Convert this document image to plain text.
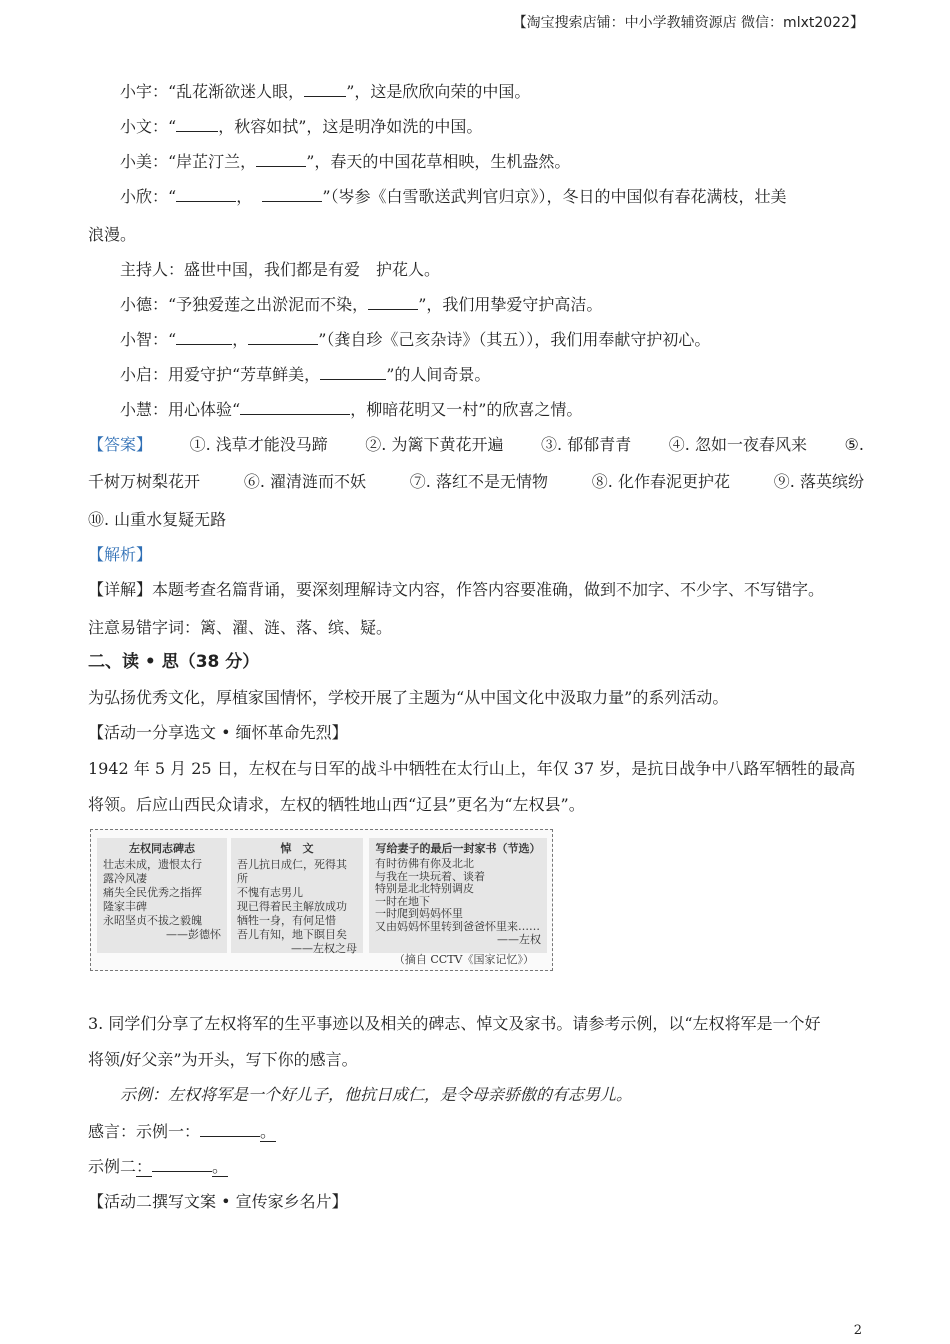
【淘宝搜索店铺：中小学教辅资源店 微信：mlxt2022】
小宇：“乱花渐欲迷人眼，	”，这是欣欣向荣的中国。
小文：“	，秋容如拭”，这是明净如洗的中国。
小美：“岸芷汀兰，	”，春天的中国花草相映，生机盎然。
小欣：“	，	”（岑参《白雪歌送武判官归京》），冬日的中国似有春花满枝，壮美
浪漫。
主持人：盛世中国，我们都是有爱　护花人。
小德：“予独爱莲之出淤泥而不染，	”，我们用挚爱守护高洁。
小智：“	，	”（龚自珍《己亥杂诗》（其五）），我们用奉献守护初心。
小启：用爱守护“芳草鲜美，	”的人间奇景。
小慧：用心体验“	，柳暗花明又一村”的欣喜之情。
【答案】 ①. 浅草才能没马蹄 ②. 为篱下黄花开遍 ③. 郁郁青青 ④. 忽如一夜春风来 ⑤.
千树万树梨花开	⑥. 濯清涟而不妖	⑦. 落红不是无情物	⑧. 化作春泥更护花	⑨. 落英缤纷
⑩. 山重水复疑无路
【解析】
【详解】本题考查名篇背诵，要深刻理解诗文内容，作答内容要准确，做到不加字、不少字、不写错字。
注意易错字词：篱、濯、涟、落、缤、疑。
二、读 • 思（38 分）
为弘扬优秀文化，厚植家国情怀，学校开展了主题为“从中国文化中汲取力量”的系列活动。
【活动一分享选文 • 缅怀革命先烈】
1942 年 5 月 25 日，左权在与日军的战斗中牺牲在太行山上，年仅 37 岁，是抗日战争中八路军牺牲的最高
将领。后应山西民众请求，左权的牺牲地山西“辽县”更名为“左权县”。
3. 同学们分享了左权将军的生平事迹以及相关的碑志、悼文及家书。请参考示例，以“左权将军是一个好
将领/好父亲”为开头，写下你的感言。
示例：左权将军是一个好儿子，他抗日成仁，是令母亲骄傲的有志男儿。
感言：示例一：	。
示例二：	。
【活动二撰写文案 • 宣传家乡名片】
左权同志碑志
壮志未成，遗恨太行
露冷风凄
痛失全民优秀之指挥
隆家丰碑
永昭坚贞不拔之毅魄
——彭德怀
悼　文
吾儿抗日成仁，死得其所
不愧有志男儿
现已得着民主解放成功
牺牲一身，有何足惜
吾儿有知，地下瞑目矣
——左权之母
写给妻子的最后一封家书（节选）
有时彷佛有你及北北
与我在一块玩着、谈着
特别是北北特别调皮
一时在地下
一时爬到妈妈怀里
又由妈妈怀里转到爸爸怀里来……
——左权
（摘自 CCTV《国家记忆》）
2
